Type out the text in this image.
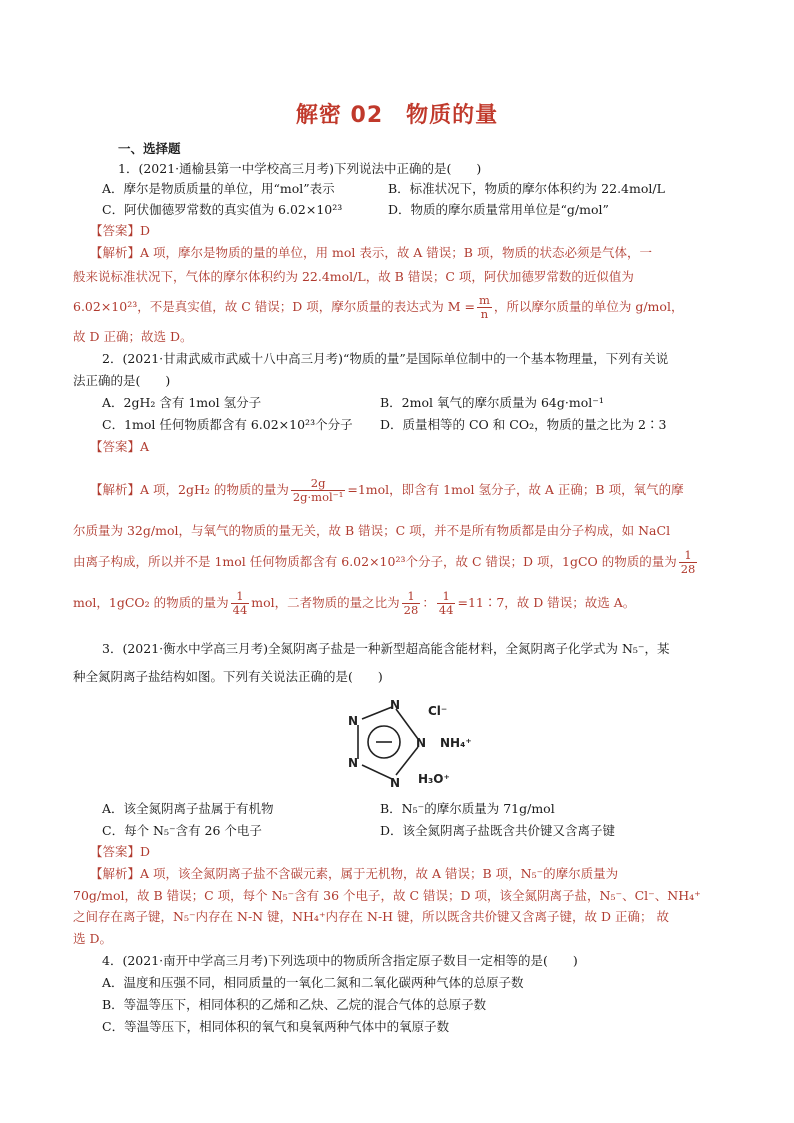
解密 02　物质的量
一、选择题
1．(2021·通榆县第一中学校高三月考)下列说法中正确的是(　　)
A．摩尔是物质质量的单位，用“mol”表示	B．标准状况下，物质的摩尔体积约为 22.4mol/L
C．阿伏伽德罗常数的真实值为 6.02×10²³	D．物质的摩尔质量常用单位是“g/mol”
【答案】D
【解析】A 项，摩尔是物质的量的单位，用 mol 表示，故 A 错误；B 项，物质的状态必须是气体，一
般来说标准状况下，气体的摩尔体积约为 22.4mol/L，故 B 错误；C 项，阿伏加德罗常数的近似值为
6.02×10²³，不是真实值，故 C 错误；D 项，摩尔质量的表达式为 $M = \frac{m}{n}$ ，所以摩尔质量的单位为 g/mol，
故 D 正确；故选 D。
2．(2021·甘肃武威市武威十八中高三月考)“物质的量”是国际单位制中的一个基本物理量，下列有关说
法正确的是(　　)
A．2gH₂ 含有 1mol 氢分子	B．2mol 氧气的摩尔质量为 64g·mol⁻¹
C．1mol 任何物质都含有 6.02×10²³个分子 D．质量相等的 CO 和 CO₂，物质的量之比为 2∶3
【答案】A
【解析】A 项，2gH₂ 的物质的量为 $\frac{2g}{\text{2g·mol⁻¹}} =1mol$，即含有 1mol 氢分子，故 A 正确；B 项，氧气的摩
尔质量为 32g/mol，与氧气的物质的量无关，故 B 错误；C 项，并不是所有物质都是由分子构成，如 NaCl
由离子构成，所以并不是 1mol 任何物质都含有 6.02×10²³个分子，故 C 错误；D 项，1gCO 的物质的量为 $\frac{1}{28}$
mol，1gCO₂ 的物质的量为 $\frac{1}{44}$ mol，二者物质的量之比为 $\frac{1}{28}$ ： $\frac{1}{44}$ =11∶7，故 D 错误；故选 A。
3．(2021·衡水中学高三月考)全氮阴离子盐是一种新型超高能含能材料，全氮阴离子化学式为 N₅⁻，某
种全氮阴离子盐结构如图。下列有关说法正确的是(　　)
N
N
N
N
N
Cl⁻
NH₄⁺
H₃O⁺
A．该全氮阴离子盐属于有机物	B．N₅⁻的摩尔质量为 71g/mol
C．每个 N₅⁻含有 26 个电子	D．该全氮阴离子盐既含共价键又含离子键
【答案】D
【解析】A 项，该全氮阴离子盐不含碳元素，属于无机物，故 A 错误；B 项，N₅⁻的摩尔质量为
70g/mol，故 B 错误；C 项，每个 N₅⁻含有 36 个电子，故 C 错误；D 项，该全氮阴离子盐，N₅⁻、Cl⁻、NH₄⁺
之间存在离子键，N₅⁻内存在 N-N 键，NH₄⁺内存在 N-H 键，所以既含共价键又含离子键，故 D 正确； 故
选 D。
4．(2021·南开中学高三月考)下列选项中的物质所含指定原子数目一定相等的是(　　)
A．温度和压强不同，相同质量的一氧化二氮和二氧化碳两种气体的总原子数
B．等温等压下，相同体积的乙烯和乙炔、乙烷的混合气体的总原子数
C．等温等压下，相同体积的氧气和臭氧两种气体中的氧原子数
